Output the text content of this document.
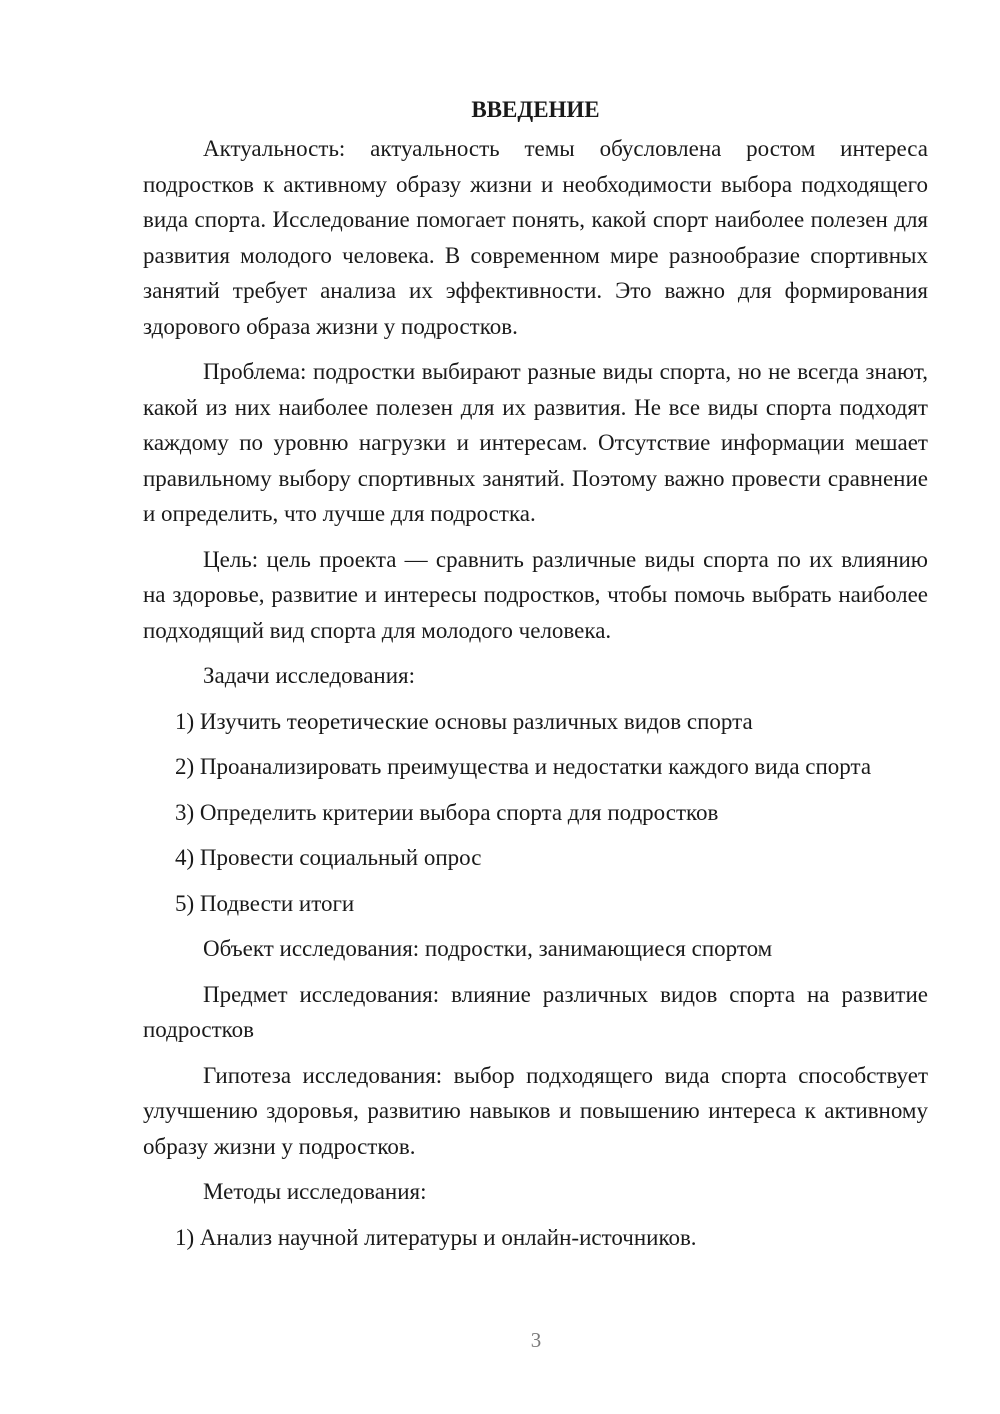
ВВЕДЕНИЕ
Актуальность: актуальность темы обусловлена ростом интереса подростков к активному образу жизни и необходимости выбора подходящего вида спорта. Исследование помогает понять, какой спорт наиболее полезен для развития молодого человека. В современном мире разнообразие спортивных занятий требует анализа их эффективности. Это важно для формирования здорового образа жизни у подростков.
Проблема: подростки выбирают разные виды спорта, но не всегда знают, какой из них наиболее полезен для их развития. Не все виды спорта подходят каждому по уровню нагрузки и интересам. Отсутствие информации мешает правильному выбору спортивных занятий. Поэтому важно провести сравнение и определить, что лучше для подростка.
Цель: цель проекта — сравнить различные виды спорта по их влиянию на здоровье, развитие и интересы подростков, чтобы помочь выбрать наиболее подходящий вид спорта для молодого человека.
Задачи исследования:
1) Изучить теоретические основы различных видов спорта
2) Проанализировать преимущества и недостатки каждого вида спорта
3) Определить критерии выбора спорта для подростков
4) Провести социальный опрос
5) Подвести итоги
Объект исследования: подростки, занимающиеся спортом
Предмет исследования: влияние различных видов спорта на развитие подростков
Гипотеза исследования: выбор подходящего вида спорта способствует улучшению здоровья, развитию навыков и повышению интереса к активному образу жизни у подростков.
Методы исследования:
1) Анализ научной литературы и онлайн-источников.
3
